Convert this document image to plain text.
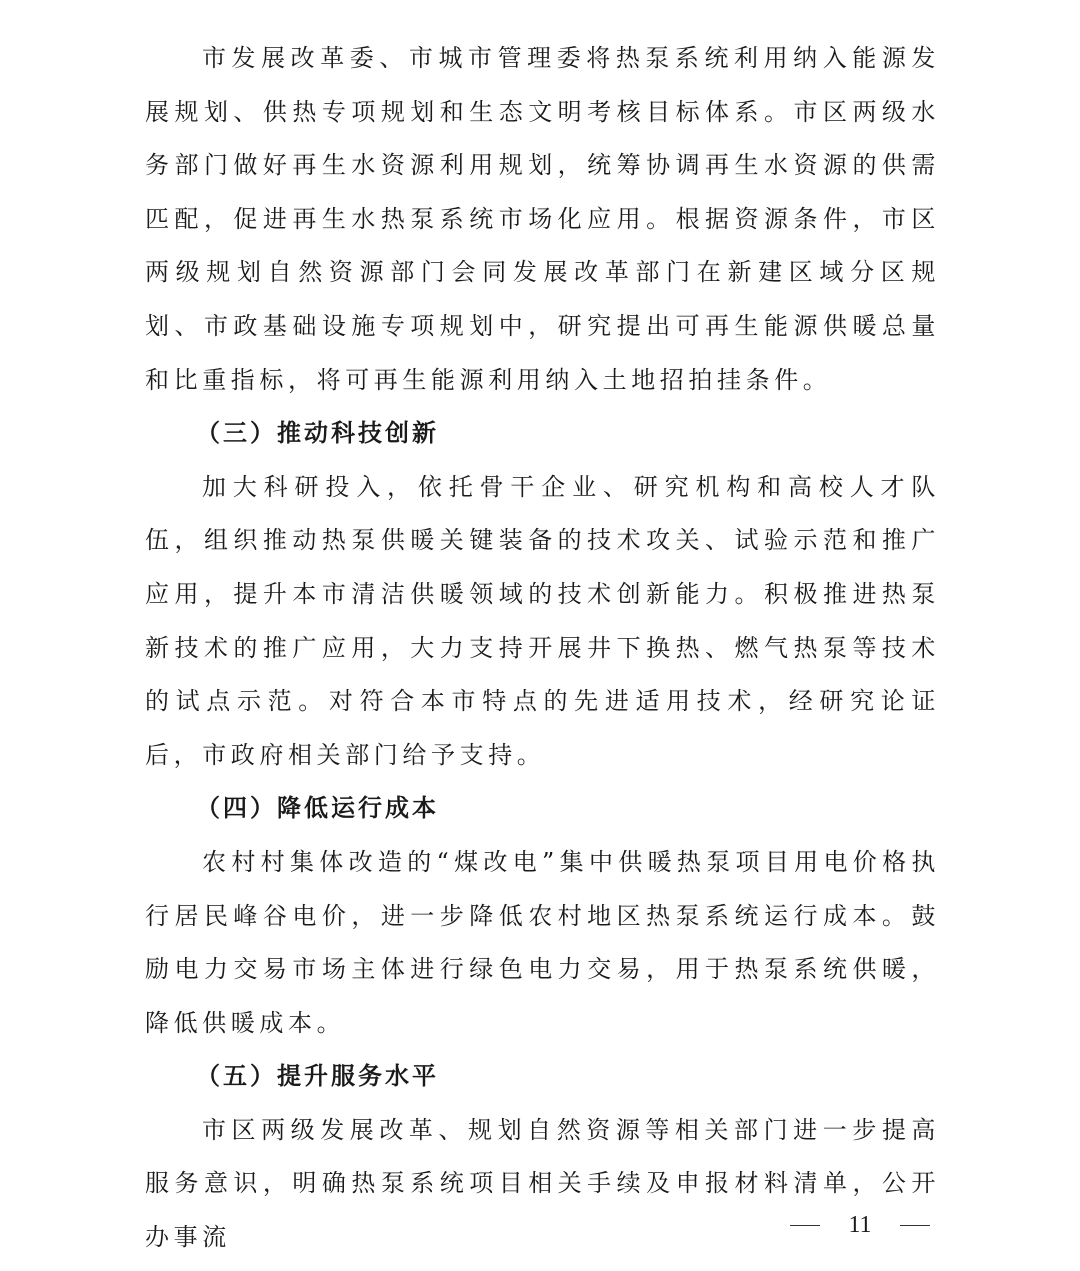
市发展改革委、市城市管理委将热泵系统利用纳入能源发展规划、供热专项规划和生态文明考核目标体系。市区两级水务部门做好再生水资源利用规划，统筹协调再生水资源的供需匹配，促进再生水热泵系统市场化应用。根据资源条件，市区两级规划自然资源部门会同发展改革部门在新建区域分区规划、市政基础设施专项规划中，研究提出可再生能源供暖总量和比重指标，将可再生能源利用纳入土地招拍挂条件。

（三）推动科技创新

加大科研投入，依托骨干企业、研究机构和高校人才队伍，组织推动热泵供暖关键装备的技术攻关、试验示范和推广应用，提升本市清洁供暖领域的技术创新能力。积极推进热泵新技术的推广应用，大力支持开展井下换热、燃气热泵等技术的试点示范。对符合本市特点的先进适用技术，经研究论证后，市政府相关部门给予支持。

（四）降低运行成本

农村村集体改造的“煤改电”集中供暖热泵项目用电价格执行居民峰谷电价，进一步降低农村地区热泵系统运行成本。鼓励电力交易市场主体进行绿色电力交易，用于热泵系统供暖，降低供暖成本。

（五）提升服务水平

市区两级发展改革、规划自然资源等相关部门进一步提高服务意识，明确热泵系统项目相关手续及申报材料清单，公开办事流	11
